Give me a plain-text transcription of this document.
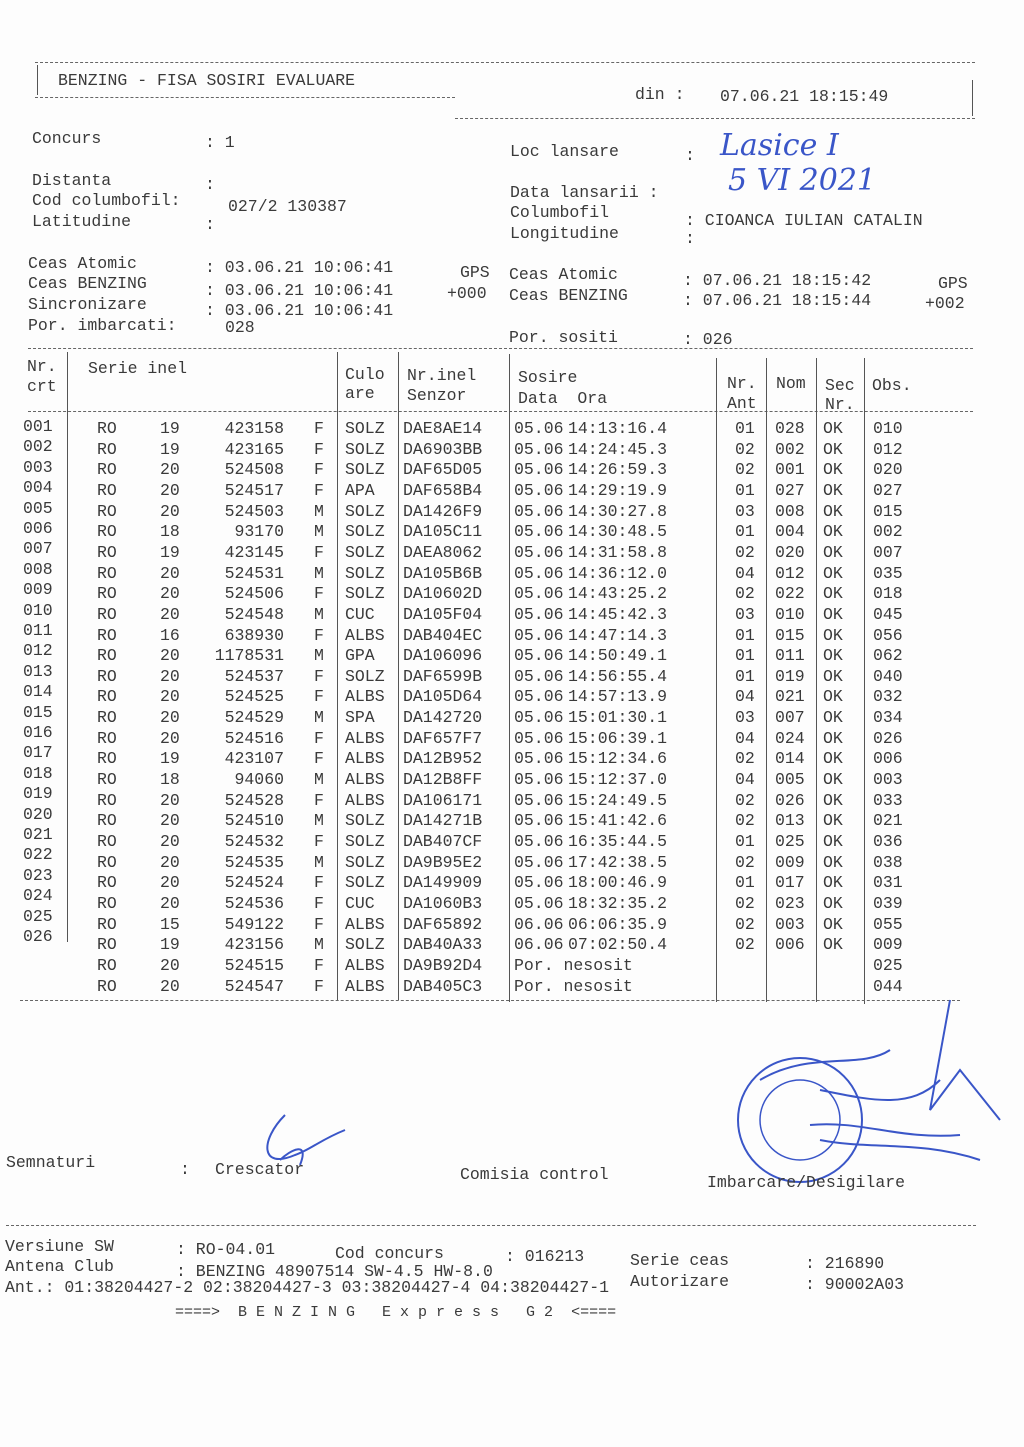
BENZING - FISA SOSIRI EVALUARE
din : 07.06.21 18:15:49
Concurs	: 1
Distanta	:
Cod columbofil:	027/2 130387
Latitudine	:
Loc lansare	: Lasice I
Data lansarii : 5 VI 2021
Columbofil	: CIOANCA IULIAN CATALIN
Longitudine	:
Ceas Atomic	: 03.06.21 10:06:41	GPS
Ceas BENZING	: 03.06.21 10:06:41	+000
Sincronizare	: 03.06.21 10:06:41
Por. imbarcati:	028
Ceas Atomic	: 07.06.21 18:15:42	GPS
Ceas BENZING	: 07.06.21 18:15:44	+002
Por. sositi	: 026
Nr.
crt
Serie inel	Culo
are
Nr.inel
Senzor
Sosire
Data  Ora
Nr.
Ant
Nom Sec
Nr.
Obs.
001	RO	19	423158 F SOLZ DAE8AE14 05.06 14:13:16.4	01 028 OK 010
002	RO	19	423165 F SOLZ DA6903BB 05.06 14:24:45.3	02 002 OK 012
003	RO	20	524508 F SOLZ DAF65D05 05.06 14:26:59.3	02 001 OK 020
004	RO	20	524517 F APA DAF658B4 05.06 14:29:19.9	01 027 OK 027
005	RO	20	524503 M SOLZ DA1426F9 05.06 14:30:27.8	03 008 OK 015
006	RO	18	93170 M SOLZ DA105C11 05.06 14:30:48.5	01 004 OK 002
007	RO	19	423145 F SOLZ DAEA8062 05.06 14:31:58.8	02 020 OK 007
008	RO	20	524531 M SOLZ DA105B6B 05.06 14:36:12.0	04 012 OK 035
009	RO	20	524506 F SOLZ DA10602D 05.06 14:43:25.2	02 022 OK 018
010	RO	20	524548 M CUC DA105F04 05.06 14:45:42.3	03 010 OK 045
011	RO	16	638930 F ALBS DAB404EC 05.06 14:47:14.3	01 015 OK 056
012	RO	20	1178531 M GPA DA106096 05.06 14:50:49.1	01 011 OK 062
013	RO	20	524537 F SOLZ DAF6599B 05.06 14:56:55.4	01 019 OK 040
014	RO	20	524525 F ALBS DA105D64 05.06 14:57:13.9	04 021 OK 032
015	RO	20	524529 M SPA DA142720 05.06 15:01:30.1	03 007 OK 034
016	RO	20	524516 F ALBS DAF657F7 05.06 15:06:39.1	04 024 OK 026
017	RO	19	423107 F ALBS DA12B952 05.06 15:12:34.6	02 014 OK 006
018	RO	18	94060 M ALBS DA12B8FF 05.06 15:12:37.0	04 005 OK 003
019	RO	20	524528 F ALBS DA106171 05.06 15:24:49.5	02 026 OK 033
020	RO	20	524510 M SOLZ DA14271B 05.06 15:41:42.6	02 013 OK 021
021	RO	20	524532 F SOLZ DAB407CF 05.06 16:35:44.5	01 025 OK 036
022	RO	20	524535 M SOLZ DA9B95E2 05.06 17:42:38.5	02 009 OK 038
023	RO	20	524524 F SOLZ DA149909 05.06 18:00:46.9	01 017 OK 031
024	RO	20	524536 F CUC DA1060B3 05.06 18:32:35.2	02 023 OK 039
025	RO	15	549122 F ALBS DAF65892 06.06 06:06:35.9	02 003 OK 055
026	RO	19	423156 M SOLZ DAB40A33 06.06 07:02:50.4	02 006 OK 009
RO	20	524515 F ALBS DA9B92D4 Por. nesosit	025
RO	20	524547 F ALBS DAB405C3 Por. nesosit	044
Semnaturi	: Crescator	Comisia control	Imbarcare/Desigilare
Versiune SW	: RO-04.01	Cod concurs	: 016213	Serie ceas	: 216890
Antena Club	: BENZING 48907514 SW-4.5 HW-8.0
Autorizare	: 90002A03
Ant.: 01:38204427-2 02:38204427-3 03:38204427-4 04:38204427-1
====>  B E N Z I N G   E x p r e s s   G 2  <====
